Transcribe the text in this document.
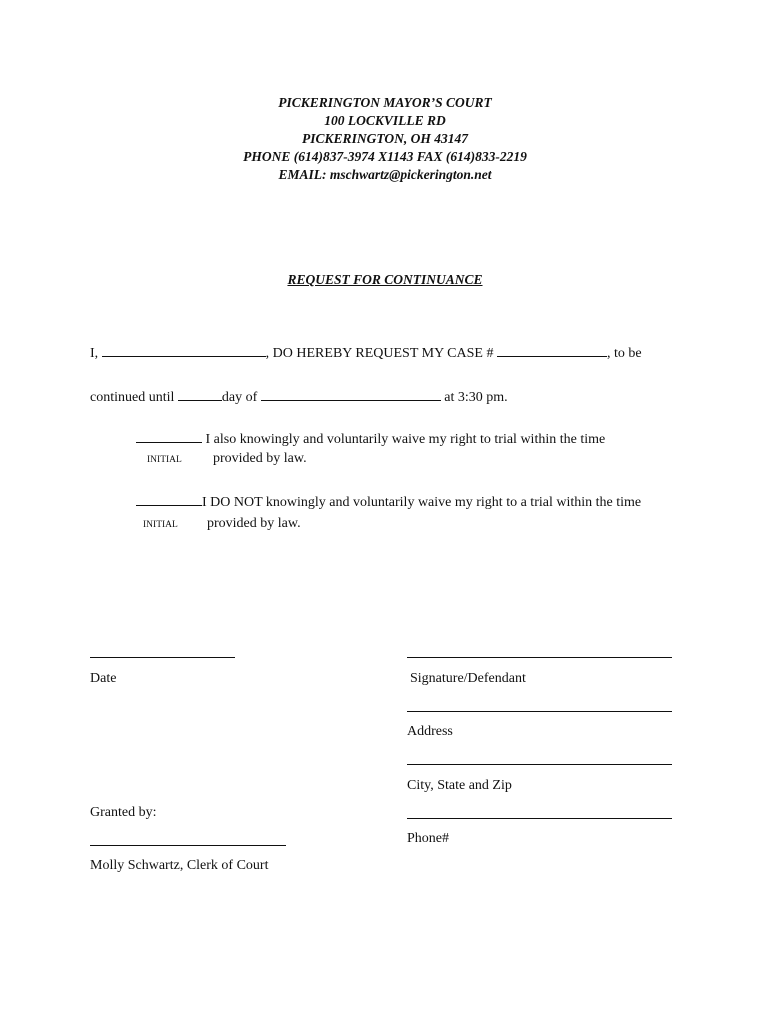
PICKERINGTON MAYOR’S COURT
100 LOCKVILLE RD
PICKERINGTON, OH 43147
PHONE (614)837-3974 X1143 FAX (614)833-2219
EMAIL: mschwartz@pickerington.net
REQUEST FOR CONTINUANCE
I,	, DO HEREBY REQUEST MY CASE #	, to be
continued until	day of	at 3:30 pm.
I also knowingly and voluntarily waive my right to trial within the time
provided by law.
INITIAL
I DO NOT knowingly and voluntarily waive my right to a trial within the time
provided by law.
INITIAL
Date	Signature/Defendant
Address
City, State and Zip
Granted by:
Phone#
Molly Schwartz, Clerk of Court
